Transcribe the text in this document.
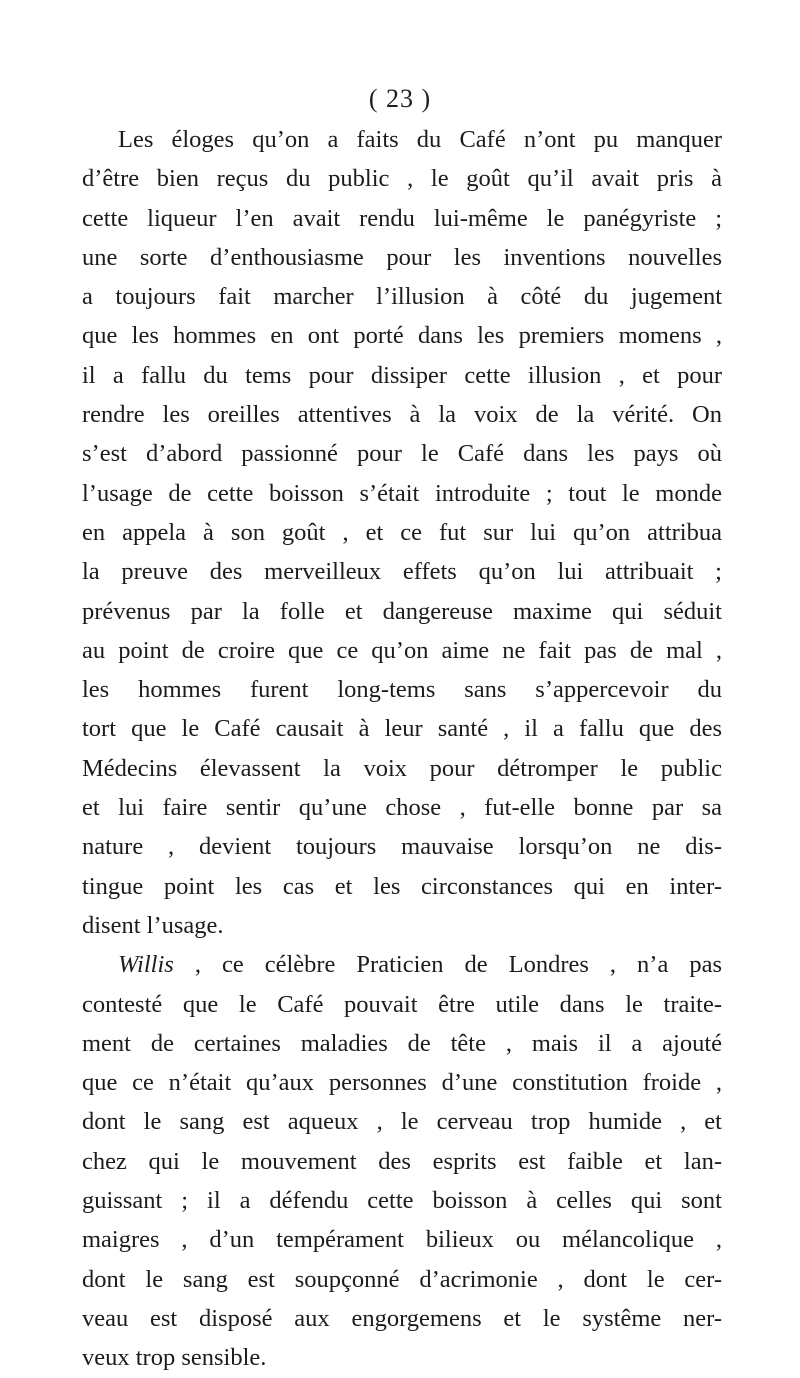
( 23 )
Les éloges qu’on a faits du Café n’ont pu manquer
d’être bien reçus du public , le goût qu’il avait pris à
cette liqueur l’en avait rendu lui-même le panégyriste ;
une sorte d’enthousiasme pour les inventions nouvelles
a toujours fait marcher l’illusion à côté du jugement
que les hommes en ont porté dans les premiers momens ,
il a fallu du tems pour dissiper cette illusion , et pour
rendre les oreilles attentives à la voix de la vérité. On
s’est d’abord passionné pour le Café dans les pays où
l’usage de cette boisson s’était introduite ; tout le monde
en appela à son goût , et ce fut sur lui qu’on attribua
la preuve des merveilleux effets qu’on lui attribuait ;
prévenus par la folle et dangereuse maxime qui séduit
au point de croire que ce qu’on aime ne fait pas de mal ,
les hommes furent long-tems sans s’appercevoir du
tort que le Café causait à leur santé , il a fallu que des
Médecins élevassent la voix pour détromper le public
et lui faire sentir qu’une chose , fut-elle bonne par sa
nature , devient toujours mauvaise lorsqu’on ne dis-
tingue point les cas et les circonstances qui en inter-
disent l’usage.
Willis , ce célèbre Praticien de Londres , n’a pas
contesté que le Café pouvait être utile dans le traite-
ment de certaines maladies de tête , mais il a ajouté
que ce n’était qu’aux personnes d’une constitution froide ,
dont le sang est aqueux , le cerveau trop humide , et
chez qui le mouvement des esprits est faible et lan-
guissant ; il a défendu cette boisson à celles qui sont
maigres , d’un tempérament bilieux ou mélancolique ,
dont le sang est soupçonné d’acrimonie , dont le cer-
veau est disposé aux engorgemens et le systême ner-
veux trop sensible.
